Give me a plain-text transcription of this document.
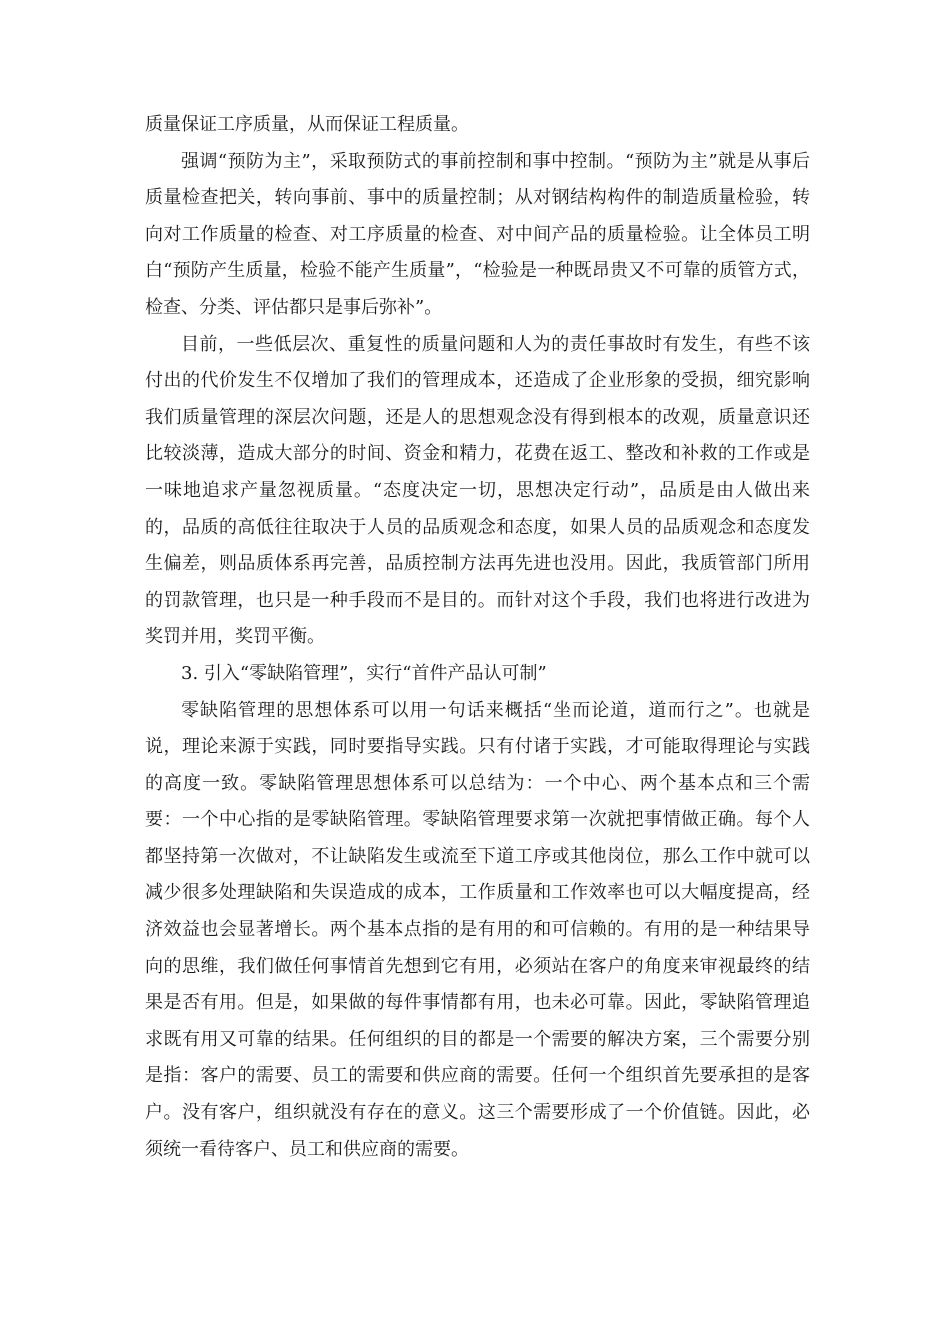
质量保证工序质量，从而保证工程质量。

强调“预防为主”，采取预防式的事前控制和事中控制。“预防为主”就是从事后质量检查把关，转向事前、事中的质量控制；从对钢结构构件的制造质量检验，转向对工作质量的检查、对工序质量的检查、对中间产品的质量检验。让全体员工明白“预防产生质量，检验不能产生质量”，“检验是一种既昂贵又不可靠的质管方式，检查、分类、评估都只是事后弥补”。

目前，一些低层次、重复性的质量问题和人为的责任事故时有发生，有些不该付出的代价发生不仅增加了我们的管理成本，还造成了企业形象的受损，细究影响我们质量管理的深层次问题，还是人的思想观念没有得到根本的改观，质量意识还比较淡薄，造成大部分的时间、资金和精力，花费在返工、整改和补救的工作或是一味地追求产量忽视质量。“态度决定一切，思想决定行动”，品质是由人做出来的，品质的高低往往取决于人员的品质观念和态度，如果人员的品质观念和态度发生偏差，则品质体系再完善，品质控制方法再先进也没用。因此，我质管部门所用的罚款管理，也只是一种手段而不是目的。而针对这个手段，我们也将进行改进为奖罚并用，奖罚平衡。

3. 引入“零缺陷管理”，实行“首件产品认可制”

零缺陷管理的思想体系可以用一句话来概括“坐而论道，道而行之”。也就是说，理论来源于实践，同时要指导实践。只有付诸于实践，才可能取得理论与实践的高度一致。零缺陷管理思想体系可以总结为：一个中心、两个基本点和三个需要：一个中心指的是零缺陷管理。零缺陷管理要求第一次就把事情做正确。每个人都坚持第一次做对，不让缺陷发生或流至下道工序或其他岗位，那么工作中就可以减少很多处理缺陷和失误造成的成本，工作质量和工作效率也可以大幅度提高，经济效益也会显著增长。两个基本点指的是有用的和可信赖的。有用的是一种结果导向的思维，我们做任何事情首先想到它有用，必须站在客户的角度来审视最终的结果是否有用。但是，如果做的每件事情都有用，也未必可靠。因此，零缺陷管理追求既有用又可靠的结果。任何组织的目的都是一个需要的解决方案，三个需要分别是指：客户的需要、员工的需要和供应商的需要。任何一个组织首先要承担的是客户。没有客户，组织就没有存在的意义。这三个需要形成了一个价值链。因此，必须统一看待客户、员工和供应商的需要。
